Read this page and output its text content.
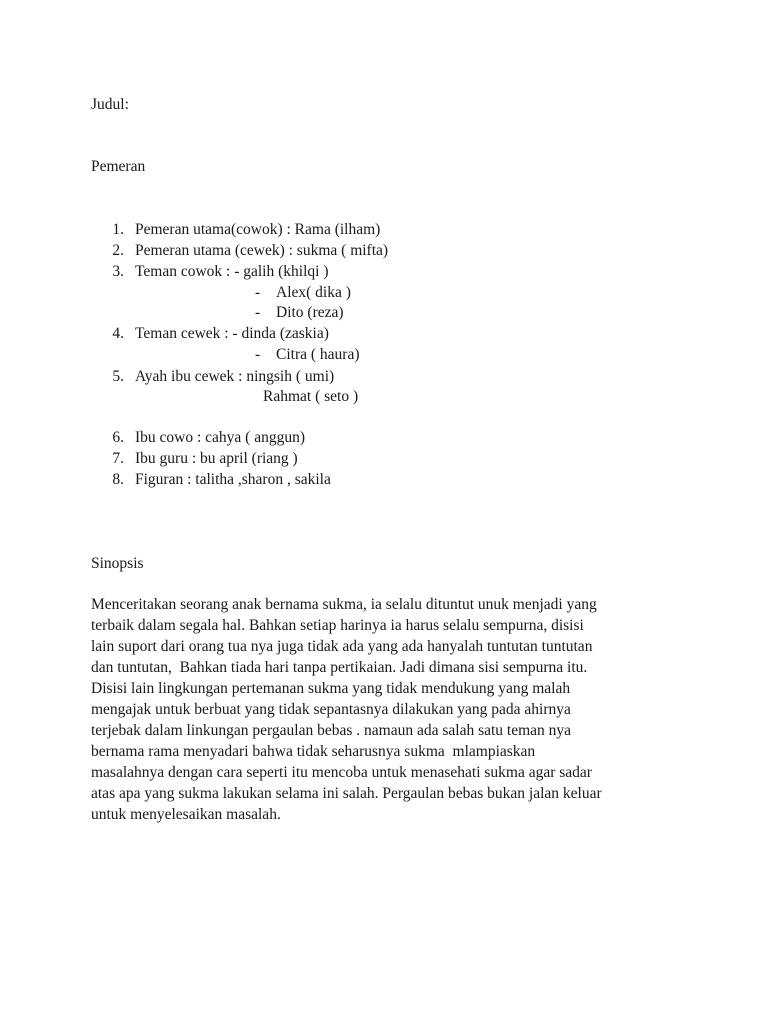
Judul:
Pemeran
1. Pemeran utama(cowok) : Rama (ilham)
2. Pemeran utama (cewek) : sukma ( mifta)
3. Teman cowok : - galih (khilqi )
- Alex( dika )
- Dito (reza)
4. Teman cewek : - dinda (zaskia)
- Citra ( haura)
5. Ayah ibu cewek : ningsih ( umi)
Rahmat ( seto )
6. Ibu cowo : cahya ( anggun)
7. Ibu guru : bu april (riang )
8. Figuran : talitha ,sharon , sakila
Sinopsis
Menceritakan seorang anak bernama sukma, ia selalu dituntut unuk menjadi yang
terbaik dalam segala hal. Bahkan setiap harinya ia harus selalu sempurna, disisi
lain suport dari orang tua nya juga tidak ada yang ada hanyalah tuntutan tuntutan
dan tuntutan,  Bahkan tiada hari tanpa pertikaian. Jadi dimana sisi sempurna itu.
Disisi lain lingkungan pertemanan sukma yang tidak mendukung yang malah
mengajak untuk berbuat yang tidak sepantasnya dilakukan yang pada ahirnya
terjebak dalam linkungan pergaulan bebas . namaun ada salah satu teman nya
bernama rama menyadari bahwa tidak seharusnya sukma  mlampiaskan
masalahnya dengan cara seperti itu mencoba untuk menasehati sukma agar sadar
atas apa yang sukma lakukan selama ini salah. Pergaulan bebas bukan jalan keluar
untuk menyelesaikan masalah.
